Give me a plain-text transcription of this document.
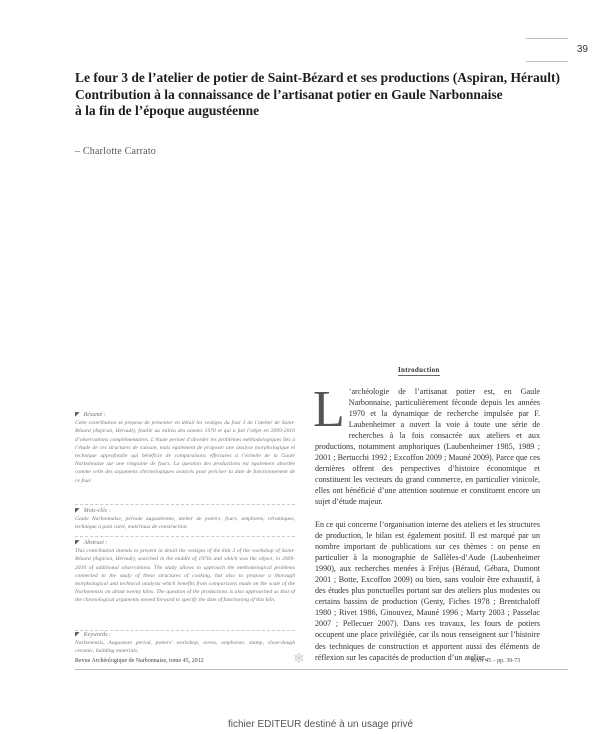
39
Le four 3 de l’atelier de potier de Saint-Bézard et ses productions (Aspiran, Hérault)
Contribution à la connaissance de l’artisanat potier en Gaule Narbonnaise
à la fin de l’époque augustéenne
– Charlotte Carrato
◤ Résumé :

Cette contribution se propose de présenter en détail les vestiges du four 3 de l’atelier de Saint-Bézard (Aspiran, Hérault), fouillé au milieu des années 1970 et qui a fait l’objet en 2009-2010 d’observations complémentaires. L’étude permet d’aborder les problèmes méthodologiques liés à l’étude de ces structures de cuisson, mais également de proposer une analyse morphologique et technique approfondie qui bénéficie de comparaisons effectuées à l’échelle de la Gaule Narbonnaise sur une vingtaine de fours. La question des productions est également abordée comme celle des arguments chronologiques avancés pour préciser la date de fonctionnement de ce four.

◤ Mots-clés :

Gaule Narbonnaise, période augustéenne, atelier de potiers, fours, amphores, céramiques, technique à pain cuire, matériaux de construction.

◤ Abstract :

This contribution intends to present in detail the vestiges of the kiln 3 of the workshop of Saint-Bézard (Aspiran, Hérault), searched in the middle of 1970s and which was the object, in 2009-2010 of additional observations. The study allows to approach the methodological problems connected to the study of these structures of cooking, but also to propose a thorough morphological and technical analysis which benefits from comparisons made on the scale of the Narbonensis on about twenty kilns. The question of the productions is also approached as that of the chronological arguments moved forward to specify the date of functioning of this kiln.

◤ Keywords :

Narbonensis, Augustean period, potters’ workshop, ovens, amphorae, stamp, close-dough ceramic, building materials.

Introduction

L ’archéologie de l’artisanat potier est, en Gaule Narbonnaise, particulièrement féconde depuis les années 1970 et la dynamique de recherche impulsée par F. Laubenheimer a ouvert la voie à toute une série de recherches à la fois consacrée aux ateliers et aux productions, notamment amphoriques (Laubenheimer 1985, 1989 ; 2001 ; Bertucchi 1992 ; Excoffon 2009 ; Mauné 2009). Parce que ces dernières offrent des perspectives d’histoire économique et constituent les vecteurs du grand commerce, en particulier vinicole, elles ont bénéficié d’une attention soutenue et constituent encore un sujet d’étude majeur.

En ce qui concerne l’organisation interne des ateliers et les structures de production, le bilan est également positif. Il est marqué par un nombre important de publications sur ces thèmes : on pense en particulier à la monographie de Sallèles-d’Aude (Laubenheimer 1990), aux recherches menées à Fréjus (Béraud, Gébara, Dumont 2001 ; Botte, Excoffon 2009) ou bien, sans vouloir être exhaustif, à des études plus ponctuelles portant sur des ateliers plus modestes ou certains bassins de production (Genty, Fiches 1978 ; Brentchaloff 1980 ; Rivet 1986, Ginouvez, Mauné 1996 ; Marty 2003 ; Passelac 2007 ; Pellecuer 2007). Dans ces travaux, les fours de potiers occupent une place privilégiée, car ils nous renseignent sur l’histoire des techniques de construction et apportent aussi des éléments de réflexion sur les capacités de production d’un atelier.

Revue Archéologique de Narbonnaise, tome 45, 2012	❄	RAN 45 – pp. 39-73
fichier EDITEUR destiné à un usage privé
